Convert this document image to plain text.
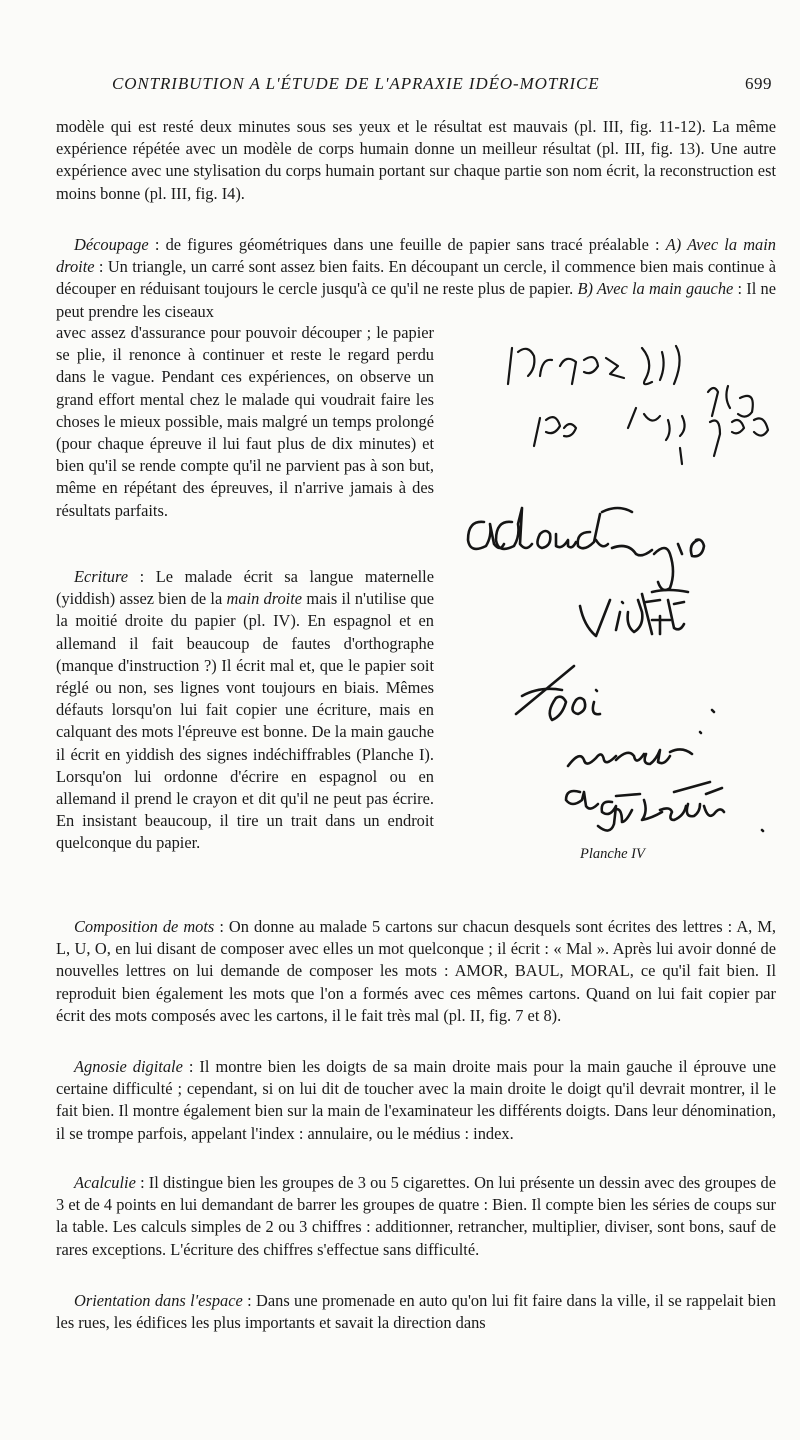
CONTRIBUTION A L'ÉTUDE DE L'APRAXIE IDÉO-MOTRICE	699
modèle qui est resté deux minutes sous ses yeux et le résultat est mauvais (pl. III, fig. 11-12). La même expérience répétée avec un modèle de corps humain donne un meilleur résultat (pl. III, fig. 13). Une autre expérience avec une stylisation du corps humain portant sur chaque partie son nom écrit, la reconstruction est moins bonne (pl. III, fig. I4).
Découpage : de figures géométriques dans une feuille de papier sans tracé préalable : A) Avec la main droite : Un triangle, un carré sont assez bien faits. En découpant un cercle, il commence bien mais continue à découper en réduisant toujours le cercle jusqu'à ce qu'il ne reste plus de papier. B) Avec la main gauche : Il ne peut prendre les ciseaux
avec assez d'assurance pour pouvoir découper ; le papier se plie, il renonce à continuer et reste le regard perdu dans le vague. Pendant ces expériences, on observe un grand effort mental chez le malade qui voudrait faire les choses le mieux possible, mais malgré un temps prolongé (pour chaque épreuve il lui faut plus de dix minutes) et bien qu'il se rende compte qu'il ne parvient pas à son but, même en répétant des épreuves, il n'arrive jamais à des résultats parfaits.
Ecriture : Le malade écrit sa langue maternelle (yiddish) assez bien de la main droite mais il n'utilise que la moitié droite du papier (pl. IV). En espagnol et en allemand il fait beaucoup de fautes d'orthographe (manque d'instruction ?) Il écrit mal et, que le papier soit réglé ou non, ses lignes vont toujours en biais. Mêmes défauts lorsqu'on lui fait copier une écriture, mais en calquant des mots l'épreuve est bonne. De la main gauche il écrit en yiddish des signes indéchiffrables (Planche I). Lorsqu'on lui ordonne d'écrire en espagnol ou en allemand il prend le crayon et dit qu'il ne peut pas écrire. En insistant beaucoup, il tire un trait dans un endroit quelconque du papier.
Planche IV
Composition de mots : On donne au malade 5 cartons sur chacun desquels sont écrites des lettres : A, M, L, U, O, en lui disant de composer avec elles un mot quelconque ; il écrit : « Mal ». Après lui avoir donné de nouvelles lettres on lui demande de composer les mots : AMOR, BAUL, MORAL, ce qu'il fait bien. Il reproduit bien également les mots que l'on a formés avec ces mêmes cartons. Quand on lui fait copier par écrit des mots composés avec les cartons, il le fait très mal (pl. II, fig. 7 et 8).
Agnosie digitale : Il montre bien les doigts de sa main droite mais pour la main gauche il éprouve une certaine difficulté ; cependant, si on lui dit de toucher avec la main droite le doigt qu'il devrait montrer, il le fait bien. Il montre également bien sur la main de l'examinateur les différents doigts. Dans leur dénomination, il se trompe parfois, appelant l'index : annulaire, ou le médius : index.
Acalculie : Il distingue bien les groupes de 3 ou 5 cigarettes. On lui présente un dessin avec des groupes de 3 et de 4 points en lui demandant de barrer les groupes de quatre : Bien. Il compte bien les séries de coups sur la table. Les calculs simples de 2 ou 3 chiffres : additionner, retrancher, multiplier, diviser, sont bons, sauf de rares exceptions. L'écriture des chiffres s'effectue sans difficulté.
Orientation dans l'espace : Dans une promenade en auto qu'on lui fit faire dans la ville, il se rappelait bien les rues, les édifices les plus importants et savait la direction dans
